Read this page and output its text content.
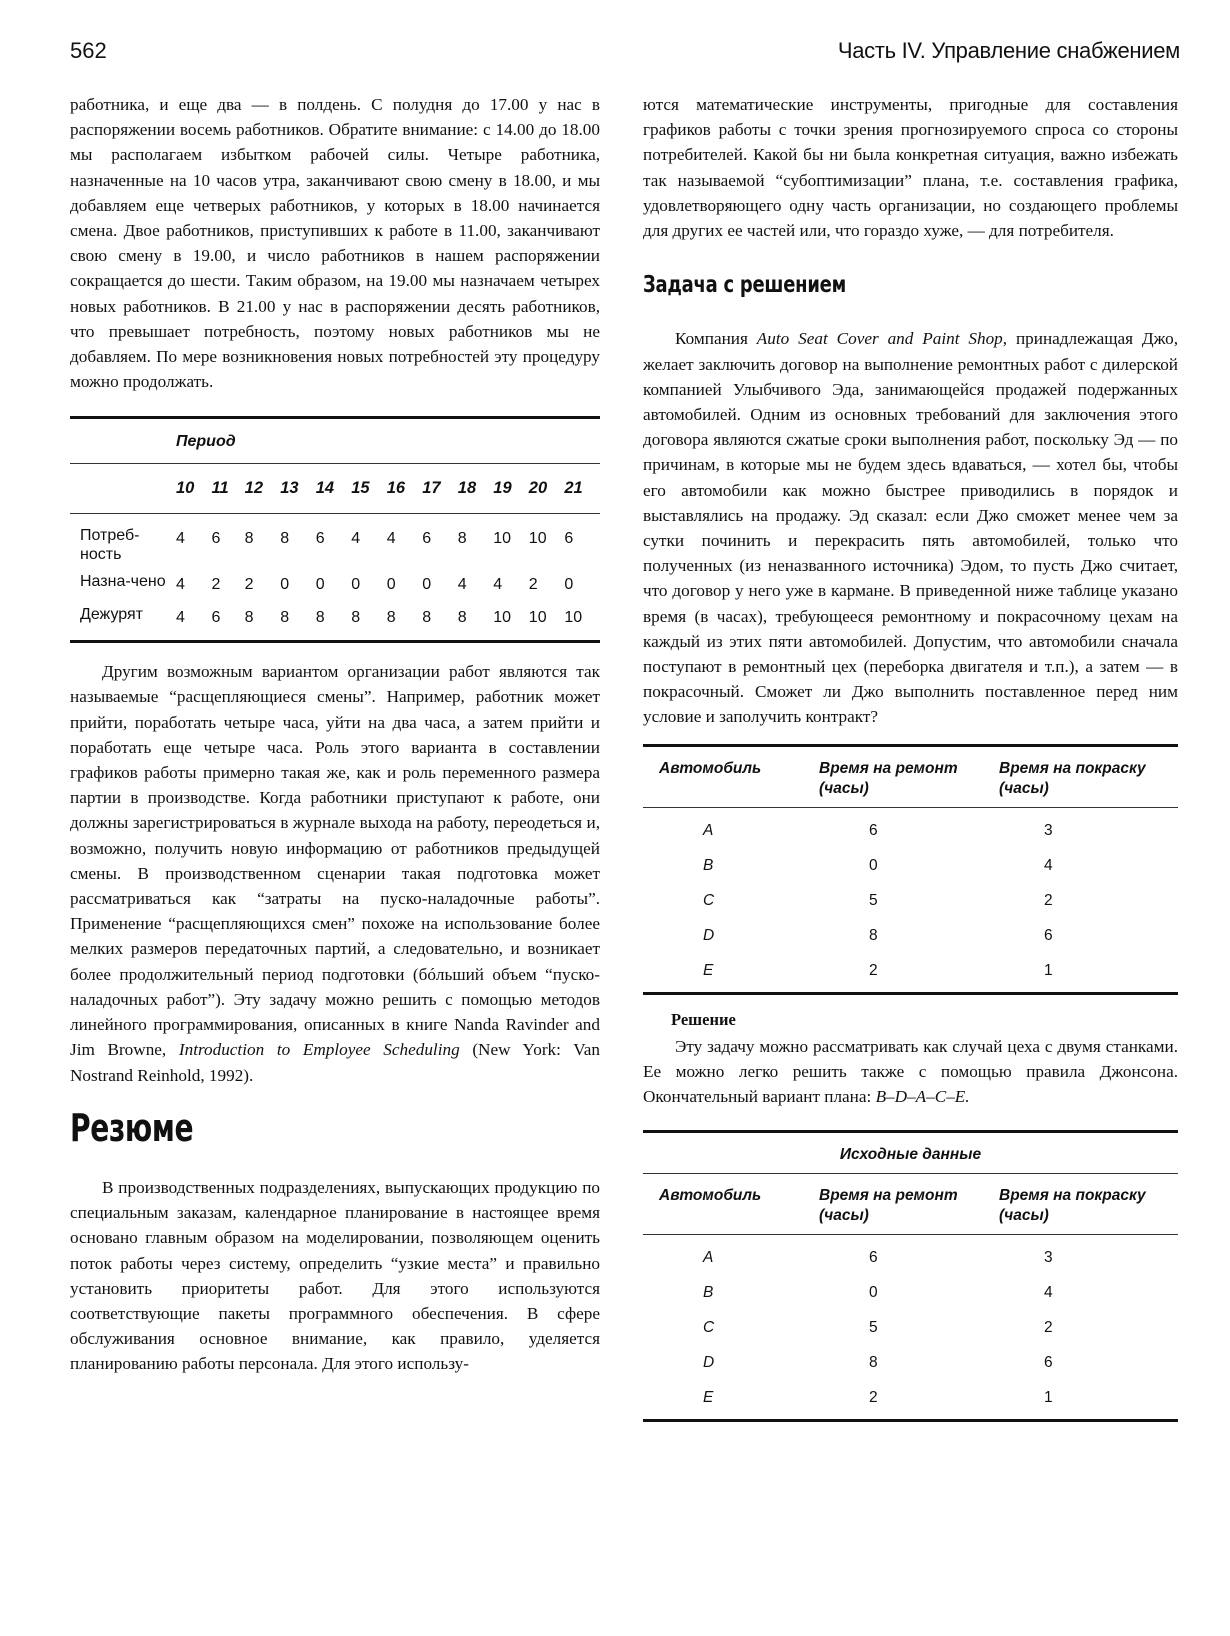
562	Часть IV. Управление снабжением

работника, и еще два — в полдень. С полудня до 17.00 у нас в распоряжении восемь работников. Обратите внимание: с 14.00 до 18.00 мы располагаем избытком рабочей силы. Четыре работника, назначенные на 10 часов утра, заканчивают свою смену в 18.00, и мы добавляем еще четверых работников, у которых в 18.00 начинается смена. Двое работников, приступивших к работе в 11.00, заканчивают свою смену в 19.00, и число работников в нашем распоряжении сокращается до шести. Таким образом, на 19.00 мы назначаем четырех новых работников. В 21.00 у нас в распоряжении десять работников, что превышает потребность, поэтому новых работников мы не добавляем. По мере возникновения новых потребностей эту процедуру можно продолжать.

	Период											
	10	11	12	13	14	15	16	17	18	19	20	21
Потреб-ность	4	6	8	8	6	4	4	6	8	10	10	6
Назна-чено	4	2	2	0	0	0	0	0	4	4	2	0
Дежурят	4	6	8	8	8	8	8	8	8	10	10	10

Другим возможным вариантом организации работ являются так называемые “расщепляющиеся смены”. Например, работник может прийти, поработать четыре часа, уйти на два часа, а затем прийти и поработать еще четыре часа. Роль этого варианта в составлении графиков работы примерно такая же, как и роль переменного размера партии в производстве. Когда работники приступают к работе, они должны зарегистрироваться в журнале выхода на работу, переодеться и, возможно, получить новую информацию от работников предыдущей смены. В производственном сценарии такая подготовка может рассматриваться как “затраты на пуско-наладочные работы”. Применение “расщепляющихся смен” похоже на использование более мелких размеров передаточных партий, а следовательно, и возникает более продолжительный период подготовки (бóльший объем “пуско-наладочных работ”). Эту задачу можно решить с помощью методов линейного программирования, описанных в книге Nanda Ravinder and Jim Browne, Introduction to Employee Scheduling (New York: Van Nostrand Reinhold, 1992).

Резюме

В производственных подразделениях, выпускающих продукцию по специальным заказам, календарное планирование в настоящее время основано главным образом на моделировании, позволяющем оценить поток работы через систему, определить “узкие места” и правильно установить приоритеты работ. Для этого используются соответствующие пакеты программного обеспечения. В сфере обслуживания основное внимание, как правило, уделяется планированию работы персонала. Для этого использу-

ются математические инструменты, пригодные для составления графиков работы с точки зрения прогнозируемого спроса со стороны потребителей. Какой бы ни была конкретная ситуация, важно избежать так называемой “субоптимизации” плана, т.е. составления графика, удовлетворяющего одну часть организации, но создающего проблемы для других ее частей или, что гораздо хуже, — для потребителя.

Задача с решением

Компания Auto Seat Cover and Paint Shop, принадлежащая Джо, желает заключить договор на выполнение ремонтных работ с дилерской компанией Улыбчивого Эда, занимающейся продажей подержанных автомобилей. Одним из основных требований для заключения этого договора являются сжатые сроки выполнения работ, поскольку Эд — по причинам, в которые мы не будем здесь вдаваться, — хотел бы, чтобы его автомобили как можно быстрее приводились в порядок и выставлялись на продажу. Эд сказал: если Джо сможет менее чем за сутки починить и перекрасить пять автомобилей, только что полученных (из неназванного источника) Эдом, то пусть Джо считает, что договор у него уже в кармане. В приведенной ниже таблице указано время (в часах), требующееся ремонтному и покрасочному цехам на каждый из этих пяти автомобилей. Допустим, что автомобили сначала поступают в ремонтный цех (переборка двигателя и т.п.), а затем — в покрасочный. Сможет ли Джо выполнить поставленное перед ним условие и заполучить контракт?

Автомобиль	Время на ремонт (часы)	Время на покраску (часы)
A	6	3
B	0	4
C	5	2
D	8	6
E	2	1
Решение

Эту задачу можно рассматривать как случай цеха с двумя станками. Ее можно легко решить также с помощью правила Джонсона. Окончательный вариант плана: B–D–A–C–E.

Исходные данные		
Автомобиль	Время на ремонт (часы)	Время на покраску (часы)
A	6	3
B	0	4
C	5	2
D	8	6
E	2	1
